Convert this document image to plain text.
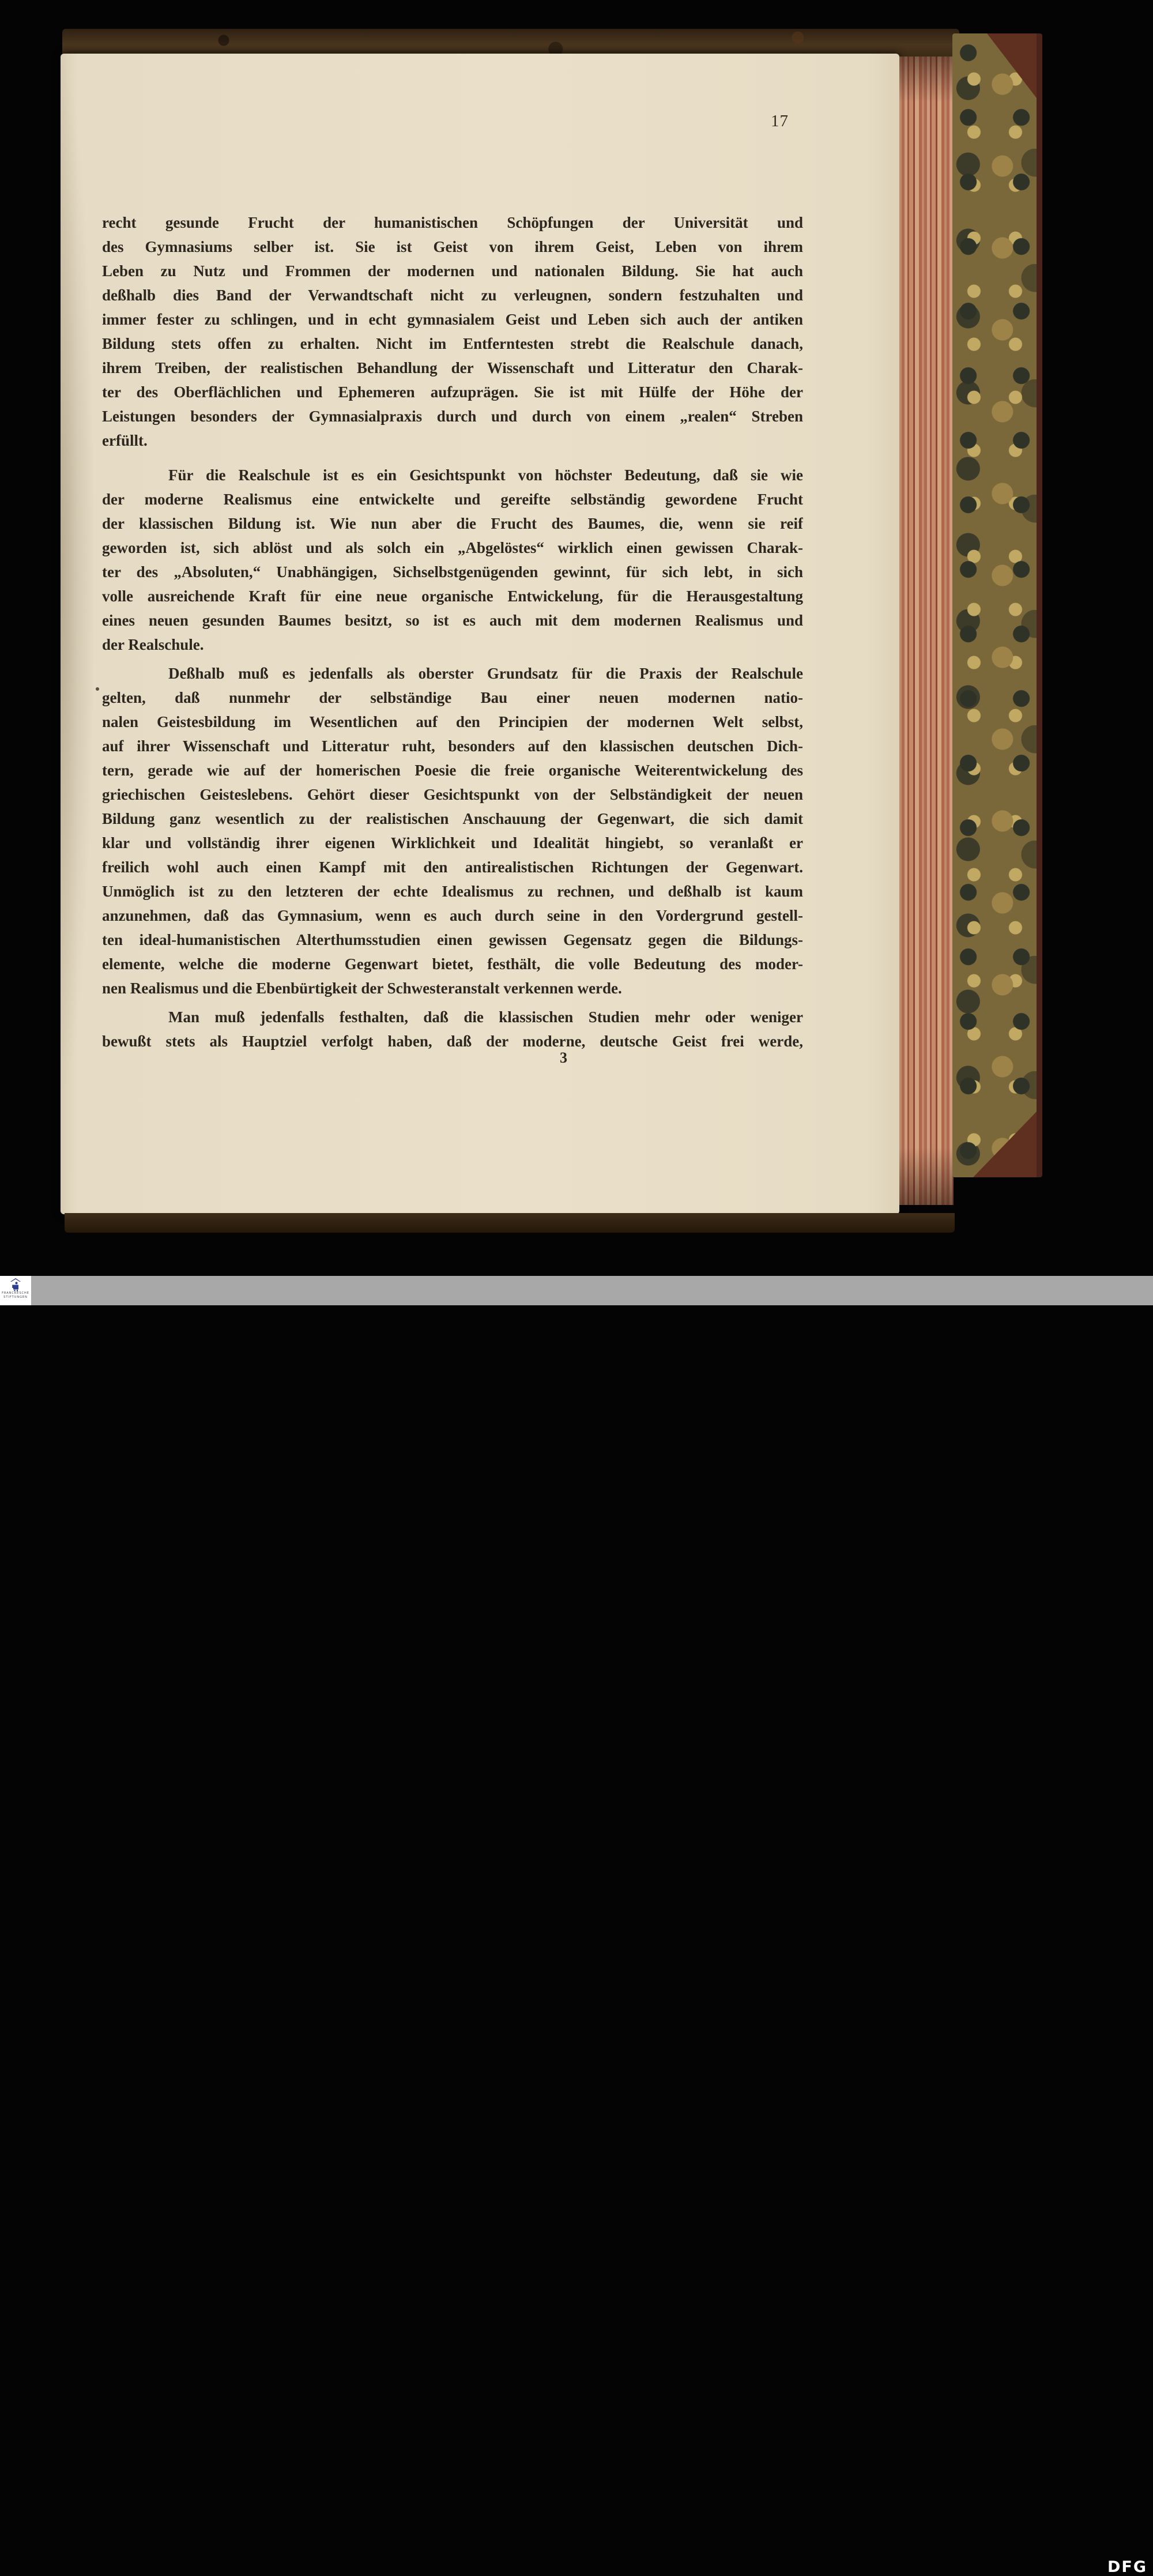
17
recht gesunde Frucht der humanistischen Schöpfungen der Universität und
des Gymnasiums selber ist. Sie ist Geist von ihrem Geist, Leben von ihrem
Leben zu Nutz und Frommen der modernen und nationalen Bildung. Sie hat auch
deßhalb dies Band der Verwandtschaft nicht zu verleugnen, sondern festzuhalten und
immer fester zu schlingen, und in echt gymnasialem Geist und Leben sich auch der antiken
Bildung stets offen zu erhalten. Nicht im Entferntesten strebt die Realschule danach,
ihrem Treiben, der realistischen Behandlung der Wissenschaft und Litteratur den Charak-
ter des Oberflächlichen und Ephemeren aufzuprägen. Sie ist mit Hülfe der Höhe der
Leistungen besonders der Gymnasialpraxis durch und durch von einem „realen“ Streben
erfüllt.
Für die Realschule ist es ein Gesichtspunkt von höchster Bedeutung, daß sie wie
der moderne Realismus eine entwickelte und gereifte selbständig gewordene Frucht
der klassischen Bildung ist. Wie nun aber die Frucht des Baumes, die, wenn sie reif
geworden ist, sich ablöst und als solch ein „Abgelöstes“ wirklich einen gewissen Charak-
ter des „Absoluten,“ Unabhängigen, Sichselbstgenügenden gewinnt, für sich lebt, in sich
volle ausreichende Kraft für eine neue organische Entwickelung, für die Herausgestaltung
eines neuen gesunden Baumes besitzt, so ist es auch mit dem modernen Realismus und
der Realschule.
Deßhalb muß es jedenfalls als oberster Grundsatz für die Praxis der Realschule
gelten, daß nunmehr der selbständige Bau einer neuen modernen natio-
nalen Geistesbildung im Wesentlichen auf den Principien der modernen Welt selbst,
auf ihrer Wissenschaft und Litteratur ruht, besonders auf den klassischen deutschen Dich-
tern, gerade wie auf der homerischen Poesie die freie organische Weiterentwickelung des
griechischen Geisteslebens. Gehört dieser Gesichtspunkt von der Selbständigkeit der neuen
Bildung ganz wesentlich zu der realistischen Anschauung der Gegenwart, die sich damit
klar und vollständig ihrer eigenen Wirklichkeit und Idealität hingiebt, so veranlaßt er
freilich wohl auch einen Kampf mit den antirealistischen Richtungen der Gegenwart.
Unmöglich ist zu den letzteren der echte Idealismus zu rechnen, und deßhalb ist kaum
anzunehmen, daß das Gymnasium, wenn es auch durch seine in den Vordergrund gestell-
ten ideal-humanistischen Alterthumsstudien einen gewissen Gegensatz gegen die Bildungs-
elemente, welche die moderne Gegenwart bietet, festhält, die volle Bedeutung des moder-
nen Realismus und die Ebenbürtigkeit der Schwesteranstalt verkennen werde.
Man muß jedenfalls festhalten, daß die klassischen Studien mehr oder weniger
bewußt stets als Hauptziel verfolgt haben, daß der moderne, deutsche Geist frei werde,
3
FRANCKESCHE
STIFTUNGEN
DFG
